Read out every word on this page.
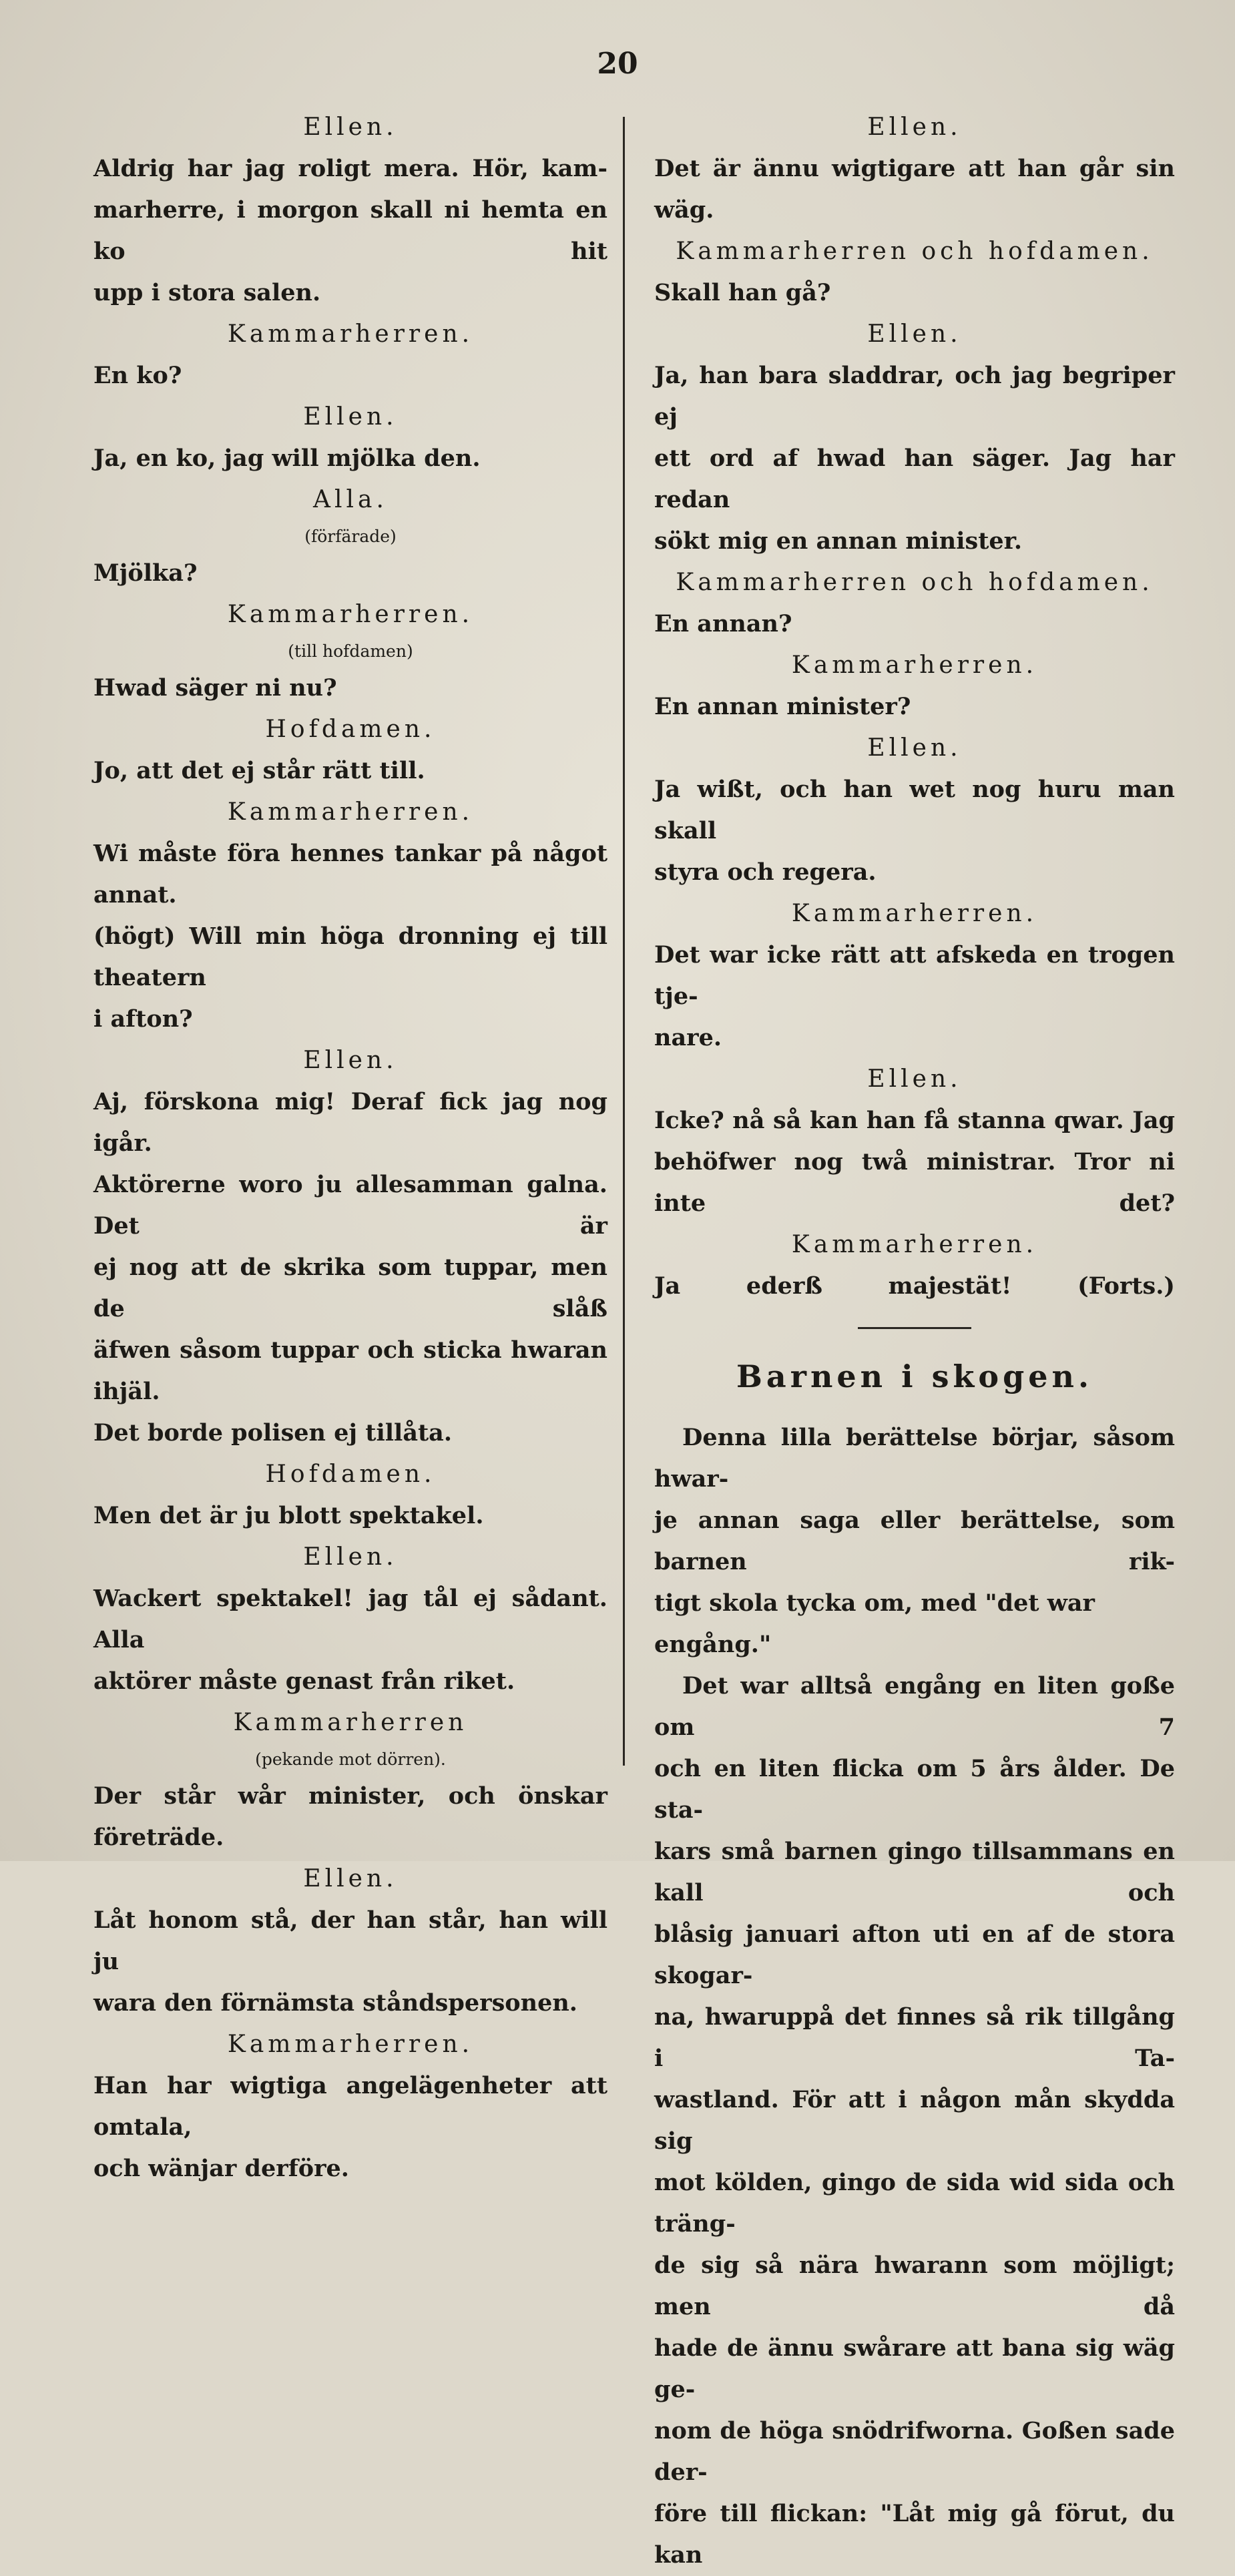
20
Ellen.
Aldrig har jag roligt mera. Hör, kam-
marherre, i morgon skall ni hemta en ko hit
upp i stora salen.
Kammarherren.
En ko?
Ellen.
Ja, en ko, jag will mjölka den.
Alla.
(förfärade)
Mjölka?
Kammarherren.
(till hofdamen)
Hwad säger ni nu?
Hofdamen.
Jo, att det ej står rätt till.
Kammarherren.
Wi måste föra hennes tankar på något annat.
(högt) Will min höga dronning ej till theatern
i afton?
Ellen.
Aj, förskona mig! Deraf fick jag nog igår.
Aktörerne woro ju allesamman galna. Det är
ej nog att de skrika som tuppar, men de slåß
äfwen såsom tuppar och sticka hwaran ihjäl.
Det borde polisen ej tillåta.
Hofdamen.
Men det är ju blott spektakel.
Ellen.
Wackert spektakel! jag tål ej sådant. Alla
aktörer måste genast från riket.
Kammarherren
(pekande mot dörren).
Der står wår minister, och önskar företräde.
Ellen.
Låt honom stå, der han står, han will ju
wara den förnämsta ståndspersonen.
Kammarherren.
Han har wigtiga angelägenheter att omtala,
och wänjar derföre.
Ellen.
Det är ännu wigtigare att han går sin wäg.
Kammarherren och hofdamen.
Skall han gå?
Ellen.
Ja, han bara sladdrar, och jag begriper ej
ett ord af hwad han säger. Jag har redan
sökt mig en annan minister.
Kammarherren och hofdamen.
En annan?
Kammarherren.
En annan minister?
Ellen.
Ja wißt, och han wet nog huru man skall
styra och regera.
Kammarherren.
Det war icke rätt att afskeda en trogen tje-
nare.
Ellen.
Icke? nå så kan han få stanna qwar. Jag
behöfwer nog twå ministrar. Tror ni inte det?
Kammarherren.
Ja ederß majestät! (Forts.)
Barnen i skogen.
Denna lilla berättelse börjar, såsom hwar-
je annan saga eller berättelse, som barnen rik-
tigt skola tycka om, med "det war engång."
Det war alltså engång en liten goße om 7
och en liten flicka om 5 års ålder. De sta-
kars små barnen gingo tillsammans en kall och
blåsig januari afton uti en af de stora skogar-
na, hwaruppå det finnes så rik tillgång i Ta-
wastland. För att i någon mån skydda sig
mot kölden, gingo de sida wid sida och träng-
de sig så nära hwarann som möjligt; men då
hade de ännu swårare att bana sig wäg ge-
nom de höga snödrifworna. Goßen sade der-
före till flickan: "Låt mig gå förut, du kan
